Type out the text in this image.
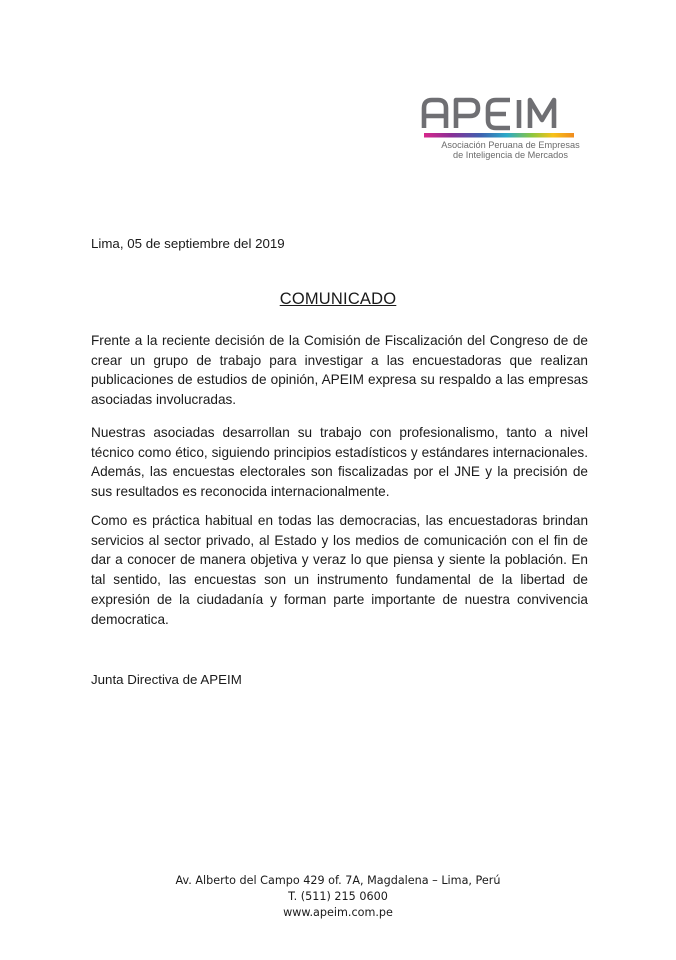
Asociación Peruana de Empresas
de Inteligencia de Mercados
Lima, 05 de septiembre del 2019
COMUNICADO
Frente a la reciente decisión de la Comisión de Fiscalización del Congreso de de crear un grupo de trabajo para investigar a las encuestadoras que realizan publicaciones de estudios de opinión, APEIM expresa su respaldo a las empresas asociadas involucradas.
Nuestras asociadas desarrollan su trabajo con profesionalismo, tanto a nivel técnico como ético, siguiendo principios estadísticos y estándares internacionales. Además, las encuestas electorales son fiscalizadas por el JNE y la precisión de sus resultados es reconocida internacionalmente.
Como es práctica habitual en todas las democracias, las encuestadoras brindan servicios al sector privado, al Estado y los medios de comunicación con el fin de dar a conocer de manera objetiva y veraz lo que piensa y siente la población. En tal sentido, las encuestas son un instrumento fundamental de la libertad de expresión de la ciudadanía y forman parte importante de nuestra convivencia democratica.
Junta Directiva de APEIM
Av. Alberto del Campo 429 of. 7A, Magdalena – Lima, Perú
T. (511) 215 0600
www.apeim.com.pe
